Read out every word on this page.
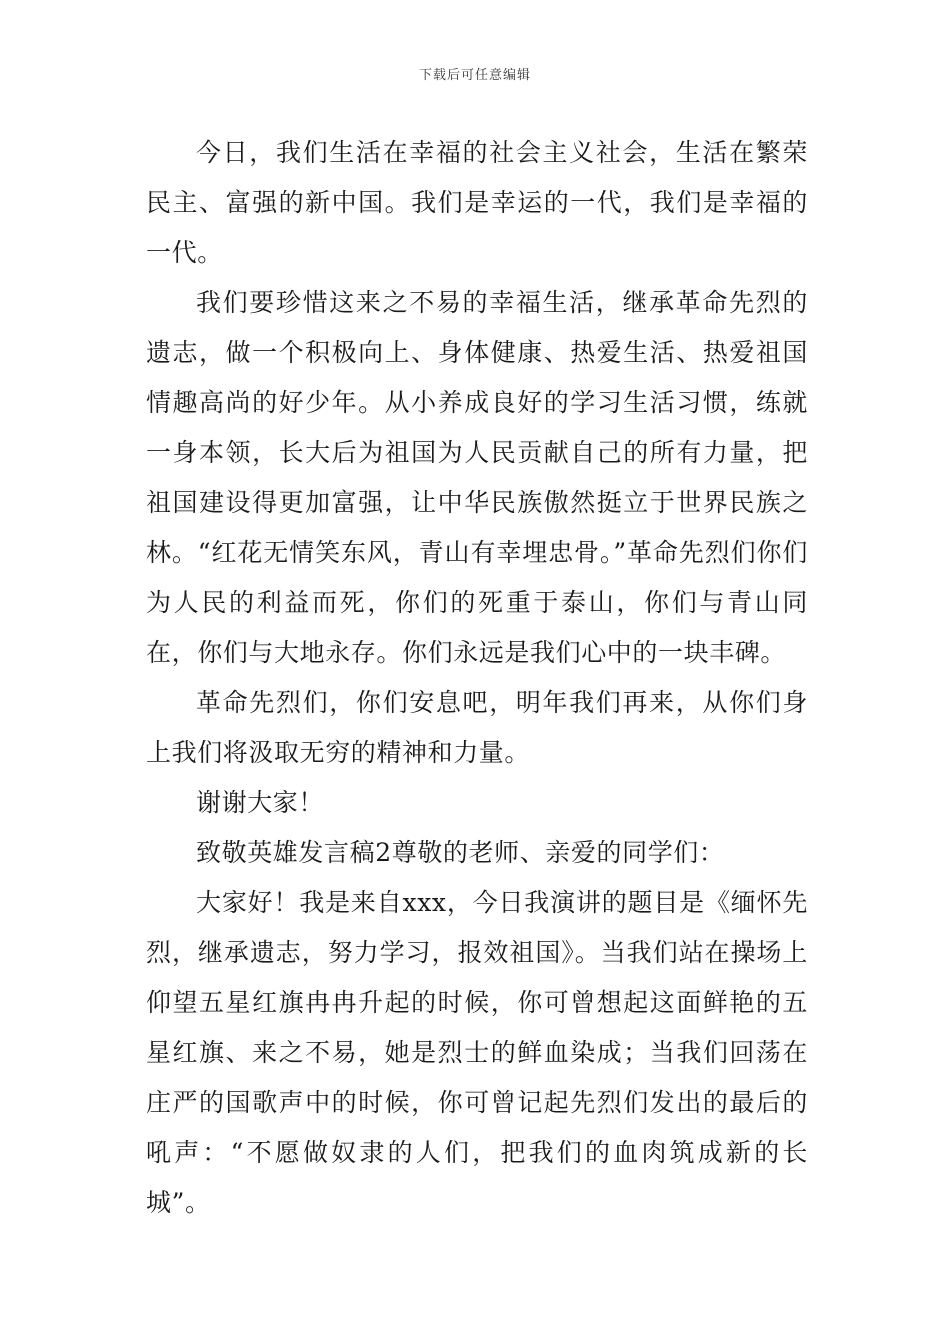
下载后可任意编辑

今日，我们生活在幸福的社会主义社会，生活在繁荣民主、富强的新中国。我们是幸运的一代，我们是幸福的一代。

我们要珍惜这来之不易的幸福生活，继承革命先烈的遗志，做一个积极向上、身体健康、热爱生活、热爱祖国情趣高尚的好少年。从小养成良好的学习生活习惯，练就一身本领，长大后为祖国为人民贡献自己的所有力量，把祖国建设得更加富强，让中华民族傲然挺立于世界民族之林。“红花无情笑东风，青山有幸埋忠骨。”革命先烈们你们为人民的利益而死，你们的死重于泰山，你们与青山同在，你们与大地永存。你们永远是我们心中的一块丰碑。

革命先烈们，你们安息吧，明年我们再来，从你们身上我们将汲取无穷的精神和力量。

谢谢大家！

致敬英雄发言稿2尊敬的老师、亲爱的同学们：

大家好！我是来自xxx，今日我演讲的题目是《缅怀先烈，继承遗志，努力学习，报效祖国》。当我们站在操场上仰望五星红旗冉冉升起的时候，你可曾想起这面鲜艳的五星红旗、来之不易，她是烈士的鲜血染成；当我们回荡在庄严的国歌声中的时候，你可曾记起先烈们发出的最后的吼声：“不愿做奴隶的人们，把我们的血肉筑成新的长城”。
